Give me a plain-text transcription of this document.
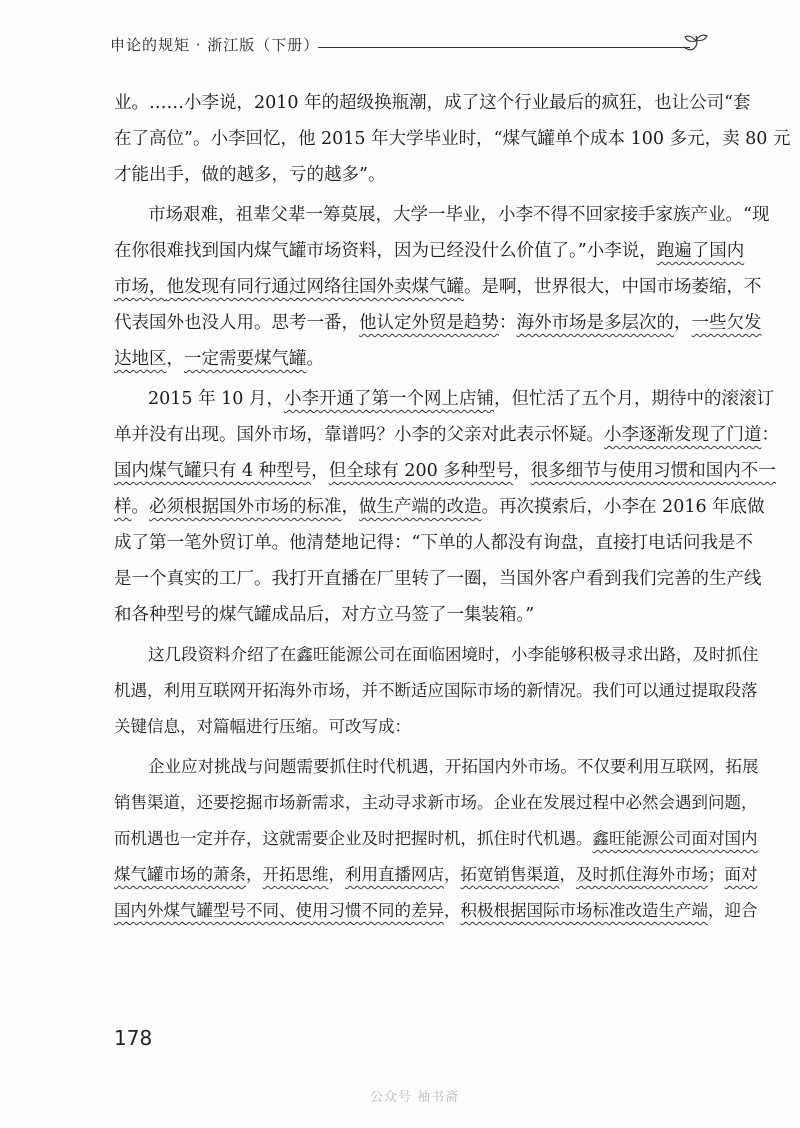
申论的规矩 · 浙江版（下册）
业。……小李说，2010 年的超级换瓶潮，成了这个行业最后的疯狂，也让公司“套
在了高位”。小李回忆，他 2015 年大学毕业时，“煤气罐单个成本 100 多元，卖 80 元
才能出手，做的越多，亏的越多”。
市场艰难，祖辈父辈一筹莫展，大学一毕业，小李不得不回家接手家族产业。“现
在你很难找到国内煤气罐市场资料，因为已经没什么价值了。”小李说，跑遍了国内
市场，他发现有同行通过网络往国外卖煤气罐。是啊，世界很大，中国市场萎缩，不
代表国外也没人用。思考一番，他认定外贸是趋势：海外市场是多层次的，一些欠发
达地区，一定需要煤气罐。
2015 年 10 月，小李开通了第一个网上店铺，但忙活了五个月，期待中的滚滚订
单并没有出现。国外市场，靠谱吗？小李的父亲对此表示怀疑。小李逐渐发现了门道：
国内煤气罐只有 4 种型号，但全球有 200 多种型号，很多细节与使用习惯和国内不一
样。必须根据国外市场的标准，做生产端的改造。再次摸索后，小李在 2016 年底做
成了第一笔外贸订单。他清楚地记得：“下单的人都没有询盘，直接打电话问我是不
是一个真实的工厂。我打开直播在厂里转了一圈，当国外客户看到我们完善的生产线
和各种型号的煤气罐成品后，对方立马签了一集装箱。”
这几段资料介绍了在鑫旺能源公司在面临困境时，小李能够积极寻求出路，及时抓住
机遇，利用互联网开拓海外市场，并不断适应国际市场的新情况。我们可以通过提取段落
关键信息，对篇幅进行压缩。可改写成：
企业应对挑战与问题需要抓住时代机遇，开拓国内外市场。不仅要利用互联网，拓展
销售渠道，还要挖掘市场新需求，主动寻求新市场。企业在发展过程中必然会遇到问题，
而机遇也一定并存，这就需要企业及时把握时机，抓住时代机遇。鑫旺能源公司面对国内
煤气罐市场的萧条，开拓思维，利用直播网店，拓宽销售渠道，及时抓住海外市场；面对
国内外煤气罐型号不同、使用习惯不同的差异，积极根据国际市场标准改造生产端，迎合
178
公众号 袖书斋
